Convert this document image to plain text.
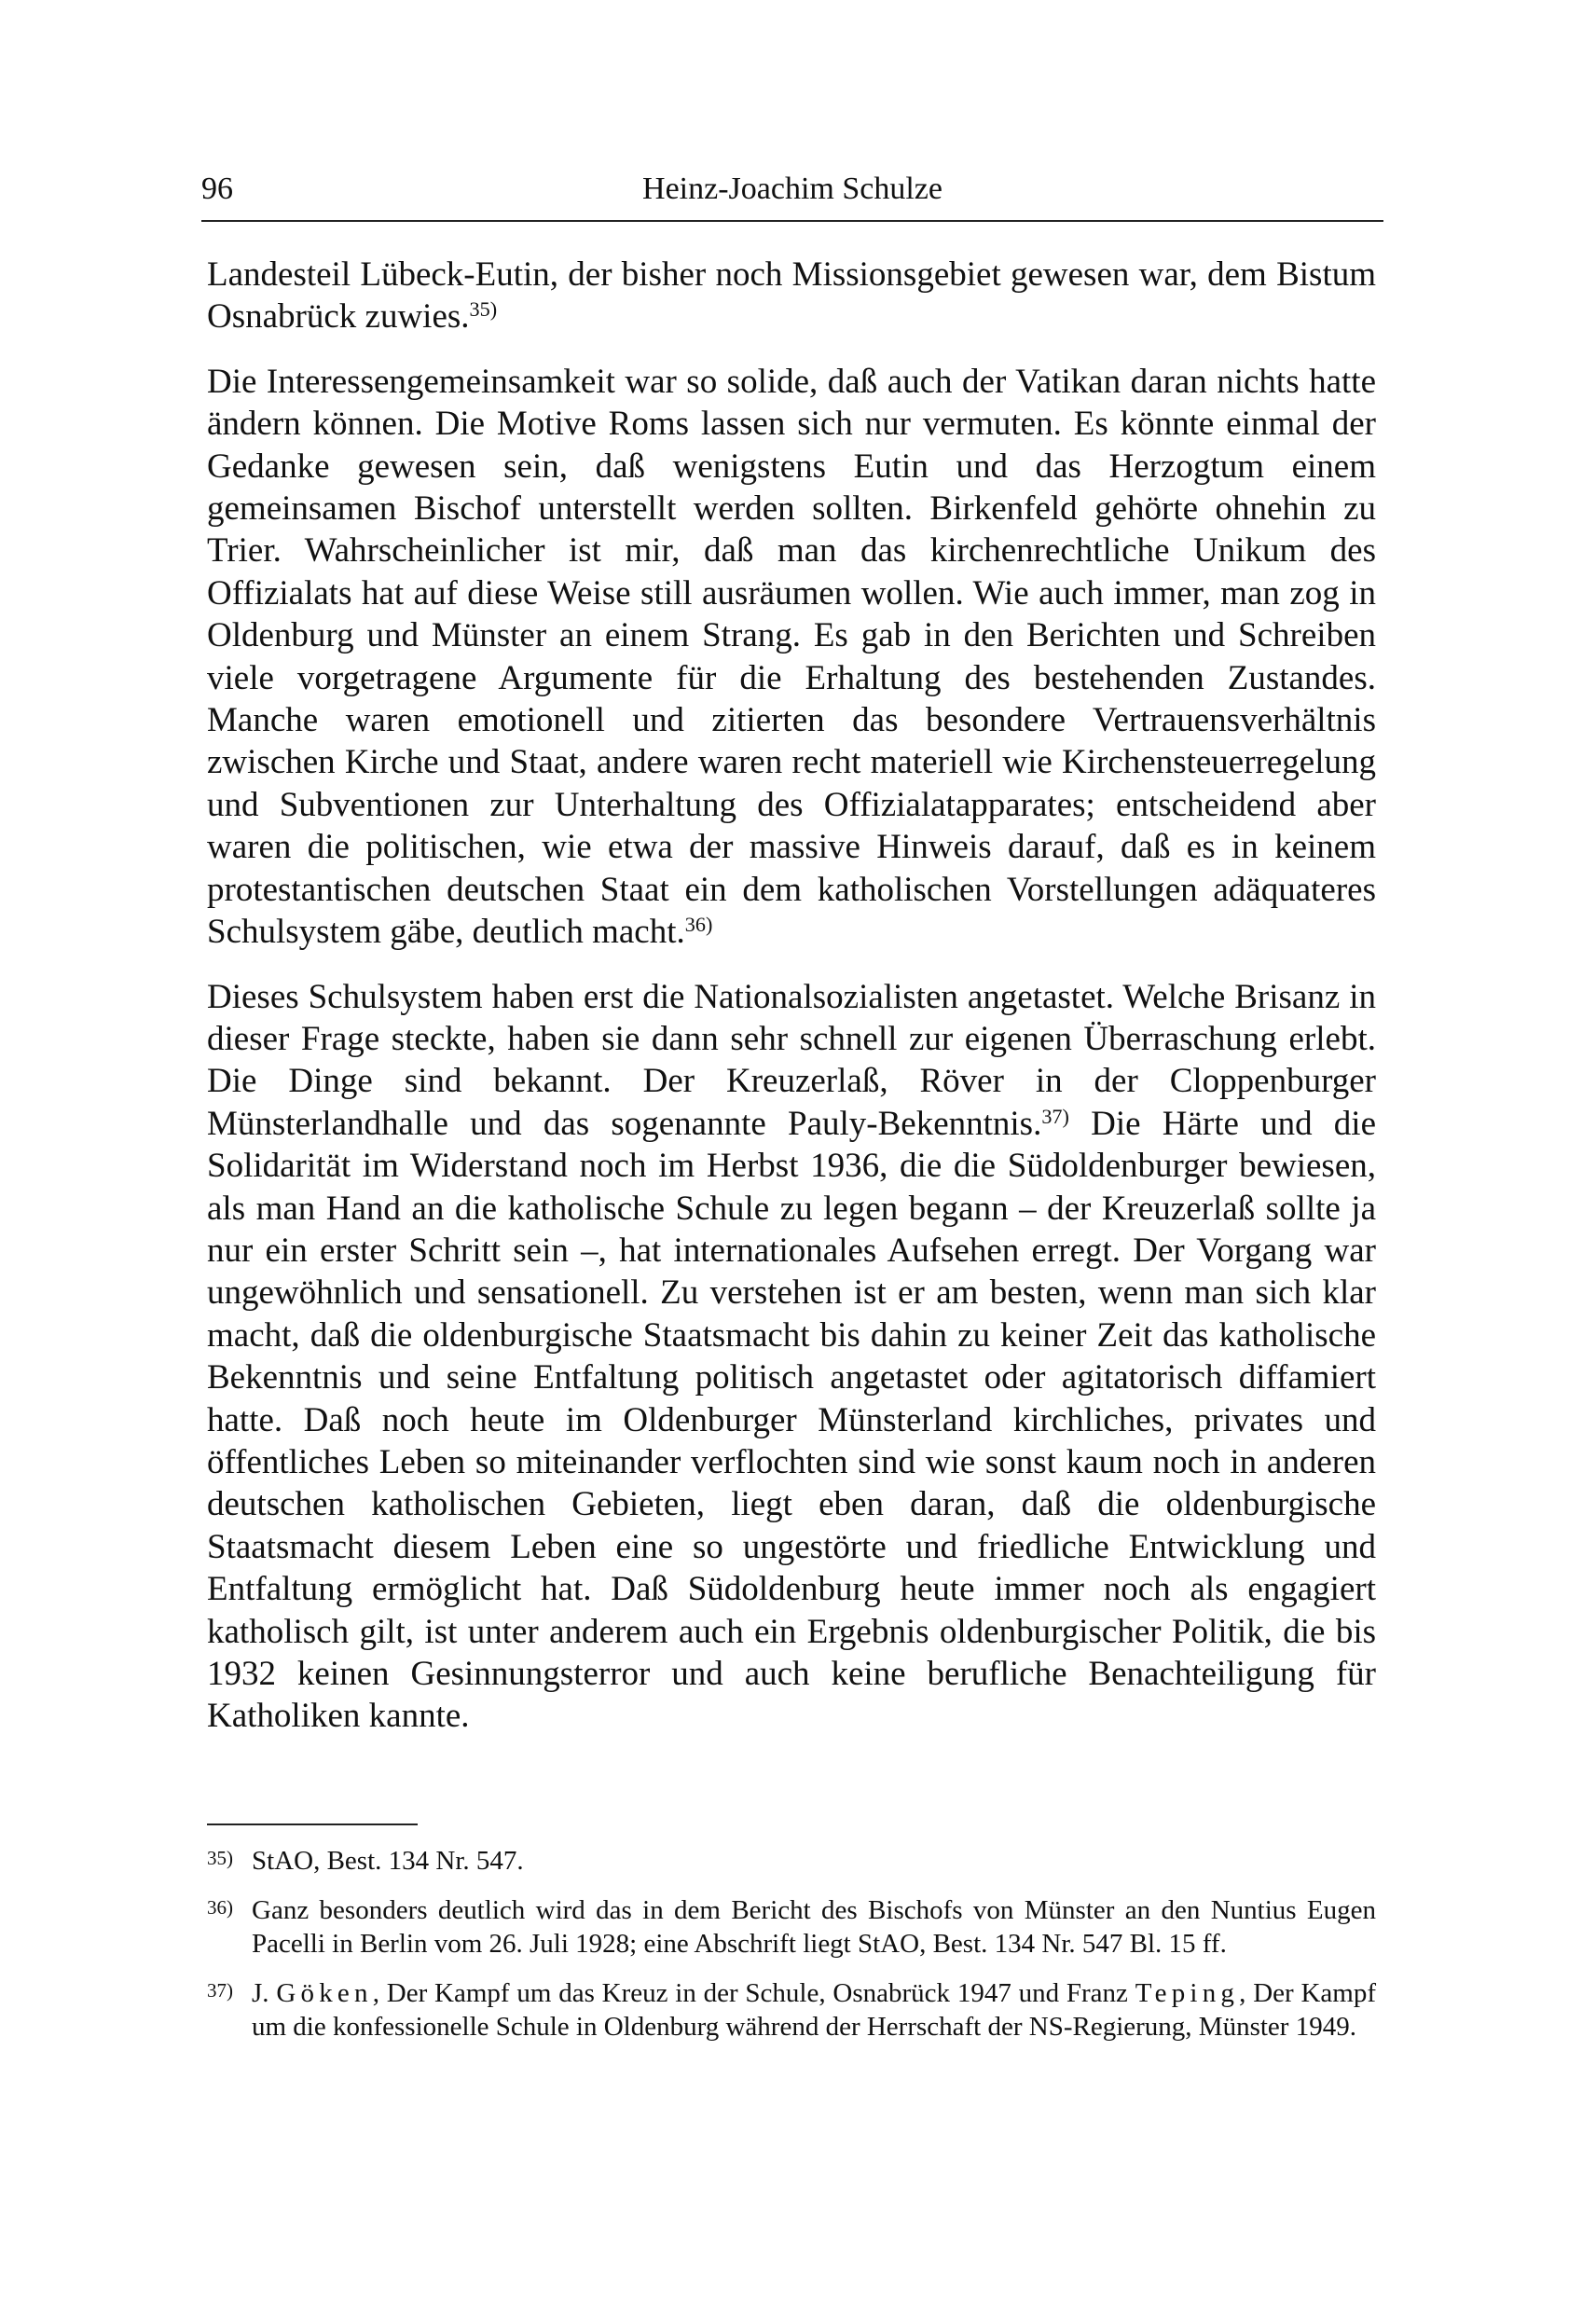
96	Heinz-Joachim Schulze

Landesteil Lübeck-Eutin, der bisher noch Missionsgebiet gewesen war, dem Bistum Osnabrück zuwies.$^{35)}$

Die Interessengemeinsamkeit war so solide, daß auch der Vatikan daran nichts hatte ändern können. Die Motive Roms lassen sich nur vermuten. Es könnte einmal der Gedanke gewesen sein, daß wenigstens Eutin und das Herzogtum einem gemeinsamen Bischof unterstellt werden sollten. Birkenfeld gehörte ohnehin zu Trier. Wahrscheinlicher ist mir, daß man das kirchenrechtliche Unikum des Offizialats hat auf diese Weise still ausräumen wollen. Wie auch immer, man zog in Oldenburg und Münster an einem Strang. Es gab in den Berichten und Schreiben viele vorgetragene Argumente für die Erhaltung des bestehenden Zustandes. Manche waren emotionell und zitierten das besondere Vertrauensverhältnis zwischen Kirche und Staat, andere waren recht materiell wie Kirchensteuerregelung und Subventionen zur Unterhaltung des Offizialatapparates; entscheidend aber waren die politischen, wie etwa der massive Hinweis darauf, daß es in keinem protestantischen deutschen Staat ein dem katholischen Vorstellungen adäquateres Schulsystem gäbe, deutlich macht.$^{36)}$

Dieses Schulsystem haben erst die Nationalsozialisten angetastet. Welche Brisanz in dieser Frage steckte, haben sie dann sehr schnell zur eigenen Überraschung erlebt. Die Dinge sind bekannt. Der Kreuzerlaß, Röver in der Cloppenburger Münsterlandhalle und das sogenannte Pauly-Bekenntnis.$^{37)}$ Die Härte und die Solidarität im Widerstand noch im Herbst 1936, die die Südoldenburger bewiesen, als man Hand an die katholische Schule zu legen begann – der Kreuzerlaß sollte ja nur ein erster Schritt sein –, hat internationales Aufsehen erregt. Der Vorgang war ungewöhnlich und sensationell. Zu verstehen ist er am besten, wenn man sich klar macht, daß die oldenburgische Staatsmacht bis dahin zu keiner Zeit das katholische Bekenntnis und seine Entfaltung politisch angetastet oder agitatorisch diffamiert hatte. Daß noch heute im Oldenburger Münsterland kirchliches, privates und öffentliches Leben so miteinander verflochten sind wie sonst kaum noch in anderen deutschen katholischen Gebieten, liegt eben daran, daß die oldenburgische Staatsmacht diesem Leben eine so ungestörte und friedliche Entwicklung und Entfaltung ermöglicht hat. Daß Südoldenburg heute immer noch als engagiert katholisch gilt, ist unter anderem auch ein Ergebnis oldenburgischer Politik, die bis 1932 keinen Gesinnungsterror und auch keine berufliche Benachteiligung für Katholiken kannte.

35) StAO, Best. 134 Nr. 547.
36) Ganz besonders deutlich wird das in dem Bericht des Bischofs von Münster an den Nuntius Eugen Pacelli in Berlin vom 26. Juli 1928; eine Abschrift liegt StAO, Best. 134 Nr. 547 Bl. 15 ff.
37) J. Göken, Der Kampf um das Kreuz in der Schule, Osnabrück 1947 und Franz Teping, Der Kampf um die konfessionelle Schule in Oldenburg während der Herrschaft der NS-Regierung, Münster 1949.
